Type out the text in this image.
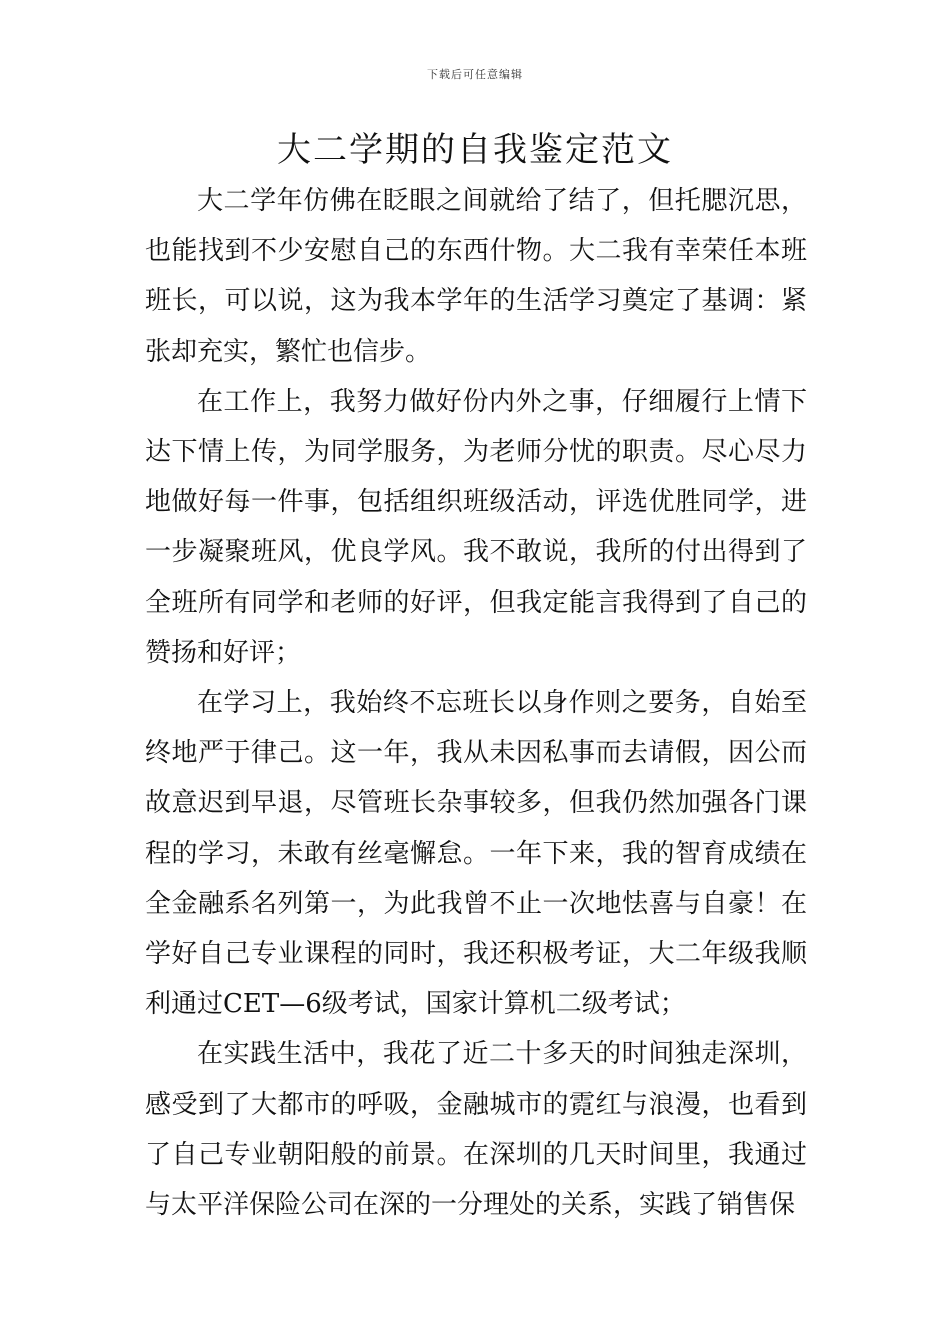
下载后可任意编辑
大二学期的自我鉴定范文

大二学年仿佛在眨眼之间就给了结了，但托腮沉思，也能找到不少安慰自己的东西什物。大二我有幸荣任本班班长，可以说，这为我本学年的生活学习奠定了基调：紧张却充实，繁忙也信步。

在工作上，我努力做好份内外之事，仔细履行上情下达下情上传，为同学服务，为老师分忧的职责。尽心尽力地做好每一件事，包括组织班级活动，评选优胜同学，进一步凝聚班风，优良学风。我不敢说，我所的付出得到了全班所有同学和老师的好评，但我定能言我得到了自己的赞扬和好评；

在学习上，我始终不忘班长以身作则之要务，自始至终地严于律己。这一年，我从未因私事而去请假，因公而故意迟到早退，尽管班长杂事较多，但我仍然加强各门课程的学习，未敢有丝毫懈怠。一年下来，我的智育成绩在全金融系名列第一，为此我曾不止一次地怯喜与自豪！在学好自己专业课程的同时，我还积极考证，大二年级我顺利通过CET—6级考试，国家计算机二级考试；

在实践生活中，我花了近二十多天的时间独走深圳，感受到了大都市的呼吸，金融城市的霓红与浪漫，也看到了自己专业朝阳般的前景。在深圳的几天时间里，我通过与太平洋保险公司在深的一分理处的关系，实践了销售保
